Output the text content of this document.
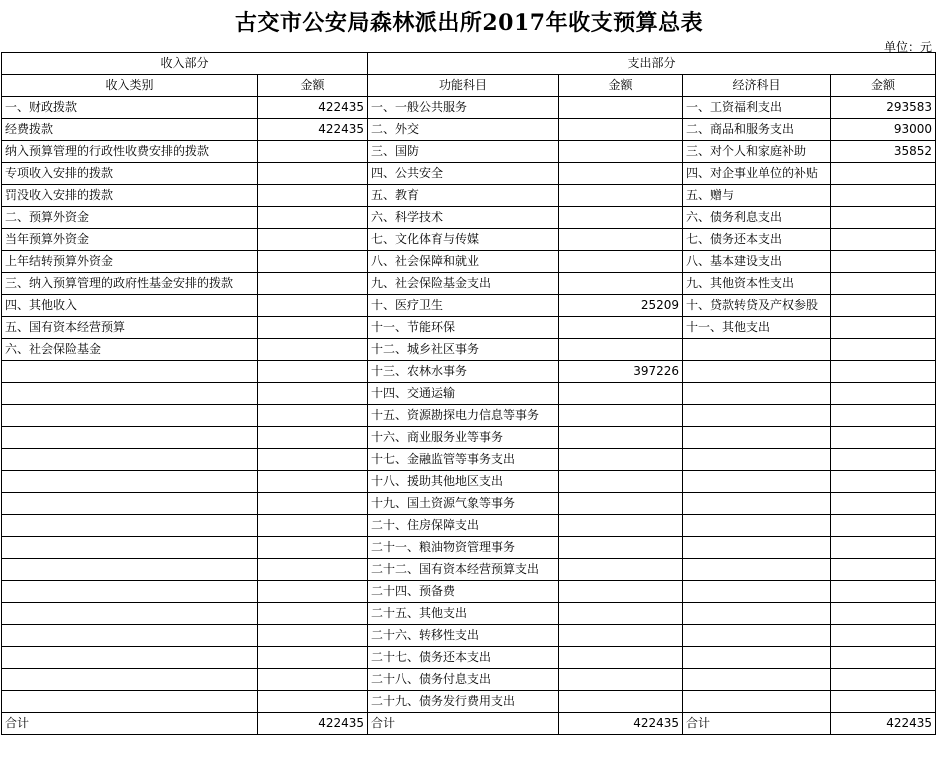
古交市公安局森林派出所2017年收支预算总表
单位：元
收入部分		支出部分			
收入类别	金额	功能科目	金额	经济科目	金额
一、财政拨款	422435	一、一般公共服务		一、工资福利支出	293583
经费拨款	422435	二、外交		二、商品和服务支出	93000
纳入预算管理的行政性收费安排的拨款		三、国防		三、对个人和家庭补助	35852
专项收入安排的拨款		四、公共安全		四、对企事业单位的补贴	
罚没收入安排的拨款		五、教育		五、赠与	
二、预算外资金		六、科学技术		六、债务利息支出	
当年预算外资金		七、文化体育与传媒		七、债务还本支出	
上年结转预算外资金		八、社会保障和就业		八、基本建设支出	
三、纳入预算管理的政府性基金安排的拨款		九、社会保险基金支出		九、其他资本性支出	
四、其他收入		十、医疗卫生	25209	十、贷款转贷及产权参股	
五、国有资本经营预算		十一、节能环保		十一、其他支出	
六、社会保险基金		十二、城乡社区事务			
		十三、农林水事务	397226		
		十四、交通运输			
		十五、资源勘探电力信息等事务			
		十六、商业服务业等事务			
		十七、金融监管等事务支出			
		十八、援助其他地区支出			
		十九、国土资源气象等事务			
		二十、住房保障支出			
		二十一、粮油物资管理事务			
		二十二、国有资本经营预算支出			
		二十四、预备费			
		二十五、其他支出			
		二十六、转移性支出			
		二十七、债务还本支出			
		二十八、债务付息支出			
		二十九、债务发行费用支出			
合计	422435	合计	422435	合计	422435
